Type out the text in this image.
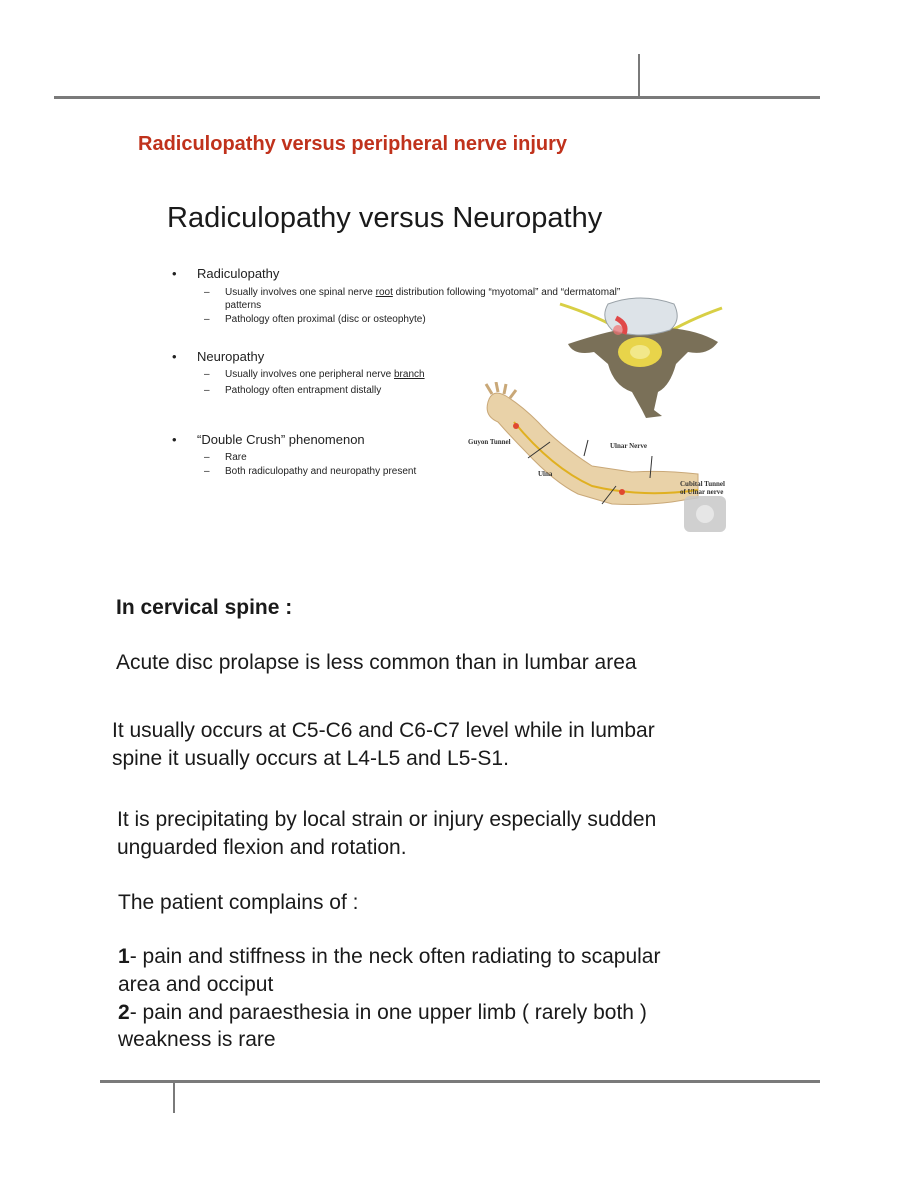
Radiculopathy versus peripheral nerve injury
Radiculopathy versus Neuropathy
• Radiculopathy
– Usually involves one spinal nerve root distribution following “myotomal” and “dermatomal”
patterns
– Pathology often proximal (disc or osteophyte)
• Neuropathy
– Usually involves one peripheral nerve branch
– Pathology often entrapment distally
• “Double Crush” phenomenon
– Rare
– Both radiculopathy and neuropathy present
Guyon Tunnel	Ulnar Nerve
Ulna
Cubital Tunnel
of Ulnar nerve
In cervical spine :
Acute disc prolapse is less common than in lumbar area
It usually occurs at C5-C6 and C6-C7 level while in lumbar
spine it usually occurs at L4-L5 and L5-S1.
It is precipitating by local strain or injury especially sudden
unguarded flexion and rotation.
The patient complains of :
1- pain and stiffness in the neck often radiating to scapular
area and occiput
2- pain and paraesthesia in one upper limb ( rarely both )
weakness is rare
